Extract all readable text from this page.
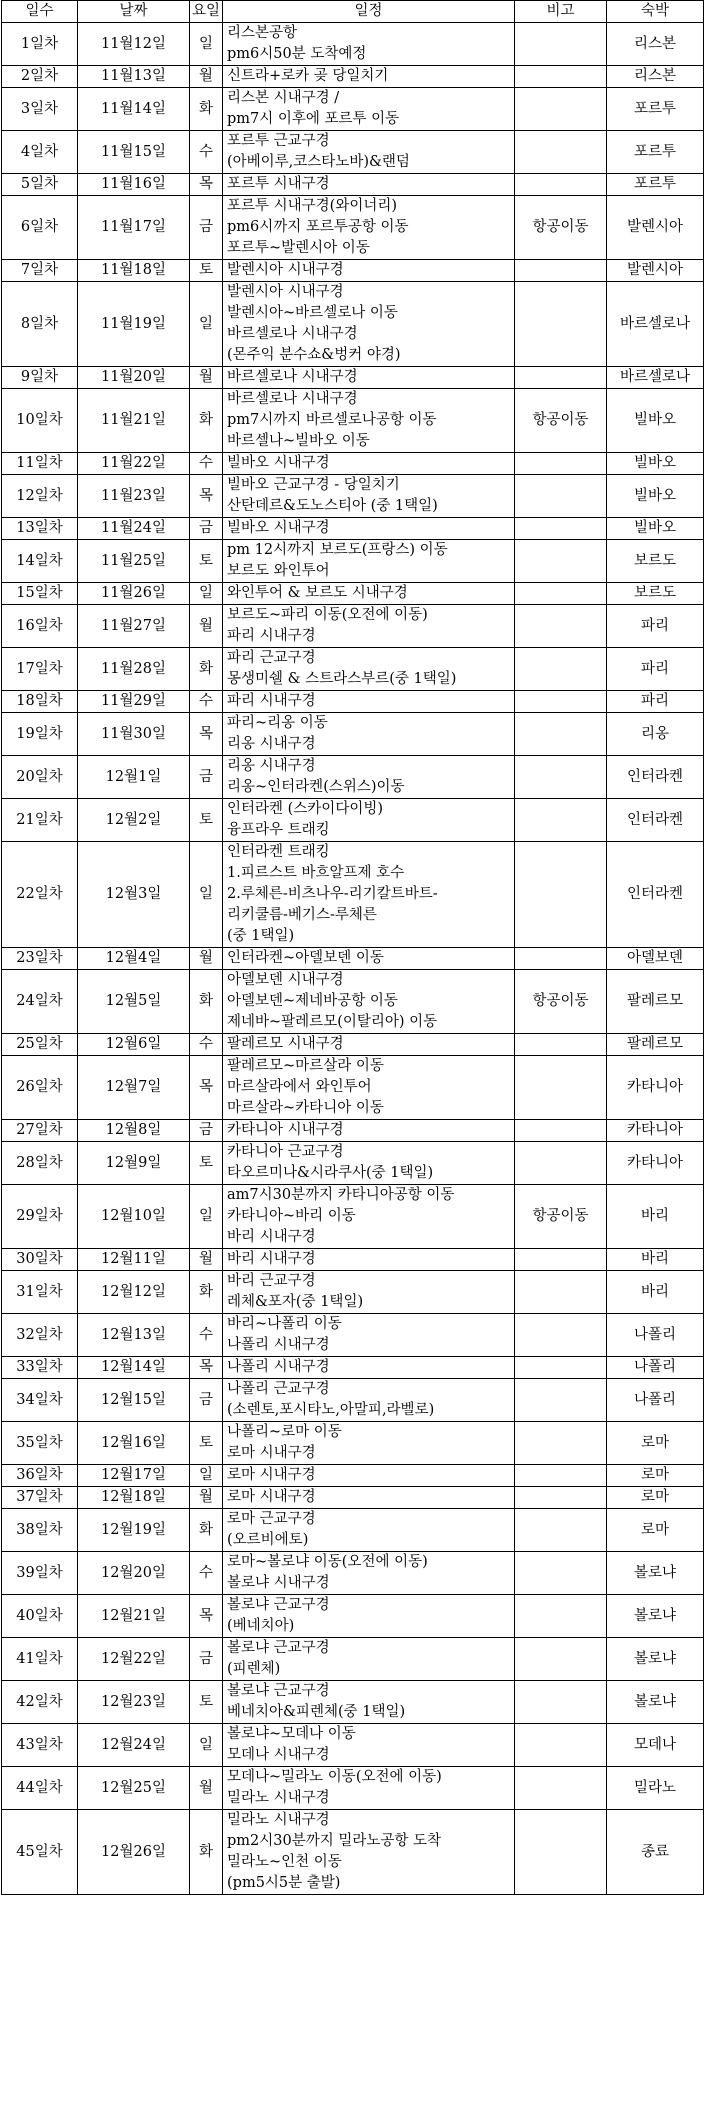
일수	날짜	요일	일정	비고	숙박
1일차	11월12일	일	리스본공항
pm6시50분 도착예정		리스본
2일차	11월13일	월	신트라+로카 곶 당일치기		리스본
3일차	11월14일	화	리스본 시내구경 /
pm7시 이후에 포르투 이동		포르투
4일차	11월15일	수	포르투 근교구경
(아베이루,코스타노바)&랜덤		포르투
5일차	11월16일	목	포르투 시내구경		포르투
6일차	11월17일	금	포르투 시내구경(와이너리)
pm6시까지 포르투공항 이동
포르투~발렌시아 이동	항공이동	발렌시아
7일차	11월18일	토	발렌시아 시내구경		발렌시아
8일차	11월19일	일	발렌시아 시내구경
발렌시아~바르셀로나 이동
바르셀로나 시내구경
(몬주익 분수쇼&벙커 야경)		바르셀로나
9일차	11월20일	월	바르셀로나 시내구경		바르셀로나
10일차	11월21일	화	바르셀로나 시내구경
pm7시까지 바르셀로나공항 이동
바르셀나~빌바오 이동	항공이동	빌바오
11일차	11월22일	수	빌바오 시내구경		빌바오
12일차	11월23일	목	빌바오 근교구경 - 당일치기
산탄데르&도노스티아 (중 1택일)		빌바오
13일차	11월24일	금	빌바오 시내구경		빌바오
14일차	11월25일	토	pm 12시까지 보르도(프랑스) 이동
보르도 와인투어		보르도
15일차	11월26일	일	와인투어 & 보르도 시내구경		보르도
16일차	11월27일	월	보르도~파리 이동(오전에 이동)
파리 시내구경		파리
17일차	11월28일	화	파리 근교구경
몽생미쉘 & 스트라스부르(중 1택일)		파리
18일차	11월29일	수	파리 시내구경		파리
19일차	11월30일	목	파리~리옹 이동
리옹 시내구경		리옹
20일차	12월1일	금	리옹 시내구경
리옹~인터라켄(스위스)이동		인터라켄
21일차	12월2일	토	인터라켄 (스카이다이빙)
융프라우 트래킹		인터라켄
22일차	12월3일	일	인터라켄 트래킹
1.피르스트 바흐알프제 호수
2.루체른-비츠나우-리기칼트바트-
리키쿨름-베기스-루체른
(중 1택일)		인터라켄
23일차	12월4일	월	인터라켄~아델보덴 이동		아델보덴
24일차	12월5일	화	아델보덴 시내구경
아델보덴~제네바공항 이동
제네바~팔레르모(이탈리아) 이동	항공이동	팔레르모
25일차	12월6일	수	팔레르모 시내구경		팔레르모
26일차	12월7일	목	팔레르모~마르살라 이동
마르살라에서 와인투어
마르살라~카타니아 이동		카타니아
27일차	12월8일	금	카타니아 시내구경		카타니아
28일차	12월9일	토	카타니아 근교구경
타오르미나&시라쿠사(중 1택일)		카타니아
29일차	12월10일	일	am7시30분까지 카타니아공항 이동
카타니아~바리 이동
바리 시내구경	항공이동	바리
30일차	12월11일	월	바리 시내구경		바리
31일차	12월12일	화	바리 근교구경
레체&포자(중 1택일)		바리
32일차	12월13일	수	바리~나폴리 이동
나폴리 시내구경		나폴리
33일차	12월14일	목	나폴리 시내구경		나폴리
34일차	12월15일	금	나폴리 근교구경
(소렌토,포시타노,아말피,라벨로)		나폴리
35일차	12월16일	토	나폴리~로마 이동
로마 시내구경		로마
36일차	12월17일	일	로마 시내구경		로마
37일차	12월18일	월	로마 시내구경		로마
38일차	12월19일	화	로마 근교구경
(오르비에토)		로마
39일차	12월20일	수	로마~볼로냐 이동(오전에 이동)
볼로냐 시내구경		볼로냐
40일차	12월21일	목	볼로냐 근교구경
(베네치아)		볼로냐
41일차	12월22일	금	볼로냐 근교구경
(피렌체)		볼로냐
42일차	12월23일	토	볼로냐 근교구경
베네치아&피렌체(중 1택일)		볼로냐
43일차	12월24일	일	볼로냐~모데나 이동
모데나 시내구경		모데나
44일차	12월25일	월	모데나~밀라노 이동(오전에 이동)
밀라노 시내구경		밀라노
45일차	12월26일	화	밀라노 시내구경
pm2시30분까지 밀라노공항 도착
밀라노~인천 이동
(pm5시5분 출발)		종료
